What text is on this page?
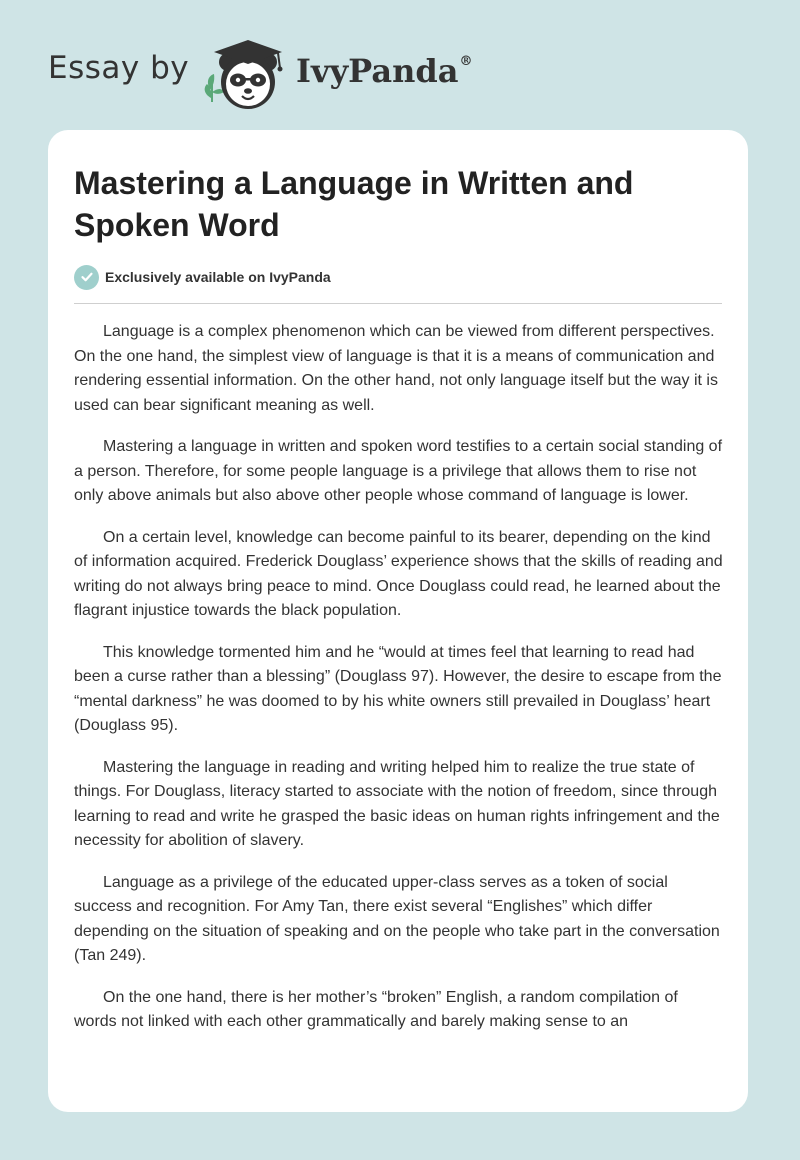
Essay by	IvyPanda®
Mastering a Language in Written and Spoken Word
Exclusively available on IvyPanda

Language is a complex phenomenon which can be viewed from different perspectives. On the one hand, the simplest view of language is that it is a means of communication and rendering essential information. On the other hand, not only language itself but the way it is used can bear significant meaning as well.

Mastering a language in written and spoken word testifies to a certain social standing of a person. Therefore, for some people language is a privilege that allows them to rise not only above animals but also above other people whose command of language is lower.

On a certain level, knowledge can become painful to its bearer, depending on the kind of information acquired. Frederick Douglass’ experience shows that the skills of reading and writing do not always bring peace to mind. Once Douglass could read, he learned about the flagrant injustice towards the black population.

This knowledge tormented him and he “would at times feel that learning to read had been a curse rather than a blessing” (Douglass 97). However, the desire to escape from the “mental darkness” he was doomed to by his white owners still prevailed in Douglass’ heart (Douglass 95).

Mastering the language in reading and writing helped him to realize the true state of things. For Douglass, literacy started to associate with the notion of freedom, since through learning to read and write he grasped the basic ideas on human rights infringement and the necessity for abolition of slavery.

Language as a privilege of the educated upper-class serves as a token of social success and recognition. For Amy Tan, there exist several “Englishes” which differ depending on the situation of speaking and on the people who take part in the conversation (Tan 249).

On the one hand, there is her mother’s “broken” English, a random compilation of words not linked with each other grammatically and barely making sense to an
